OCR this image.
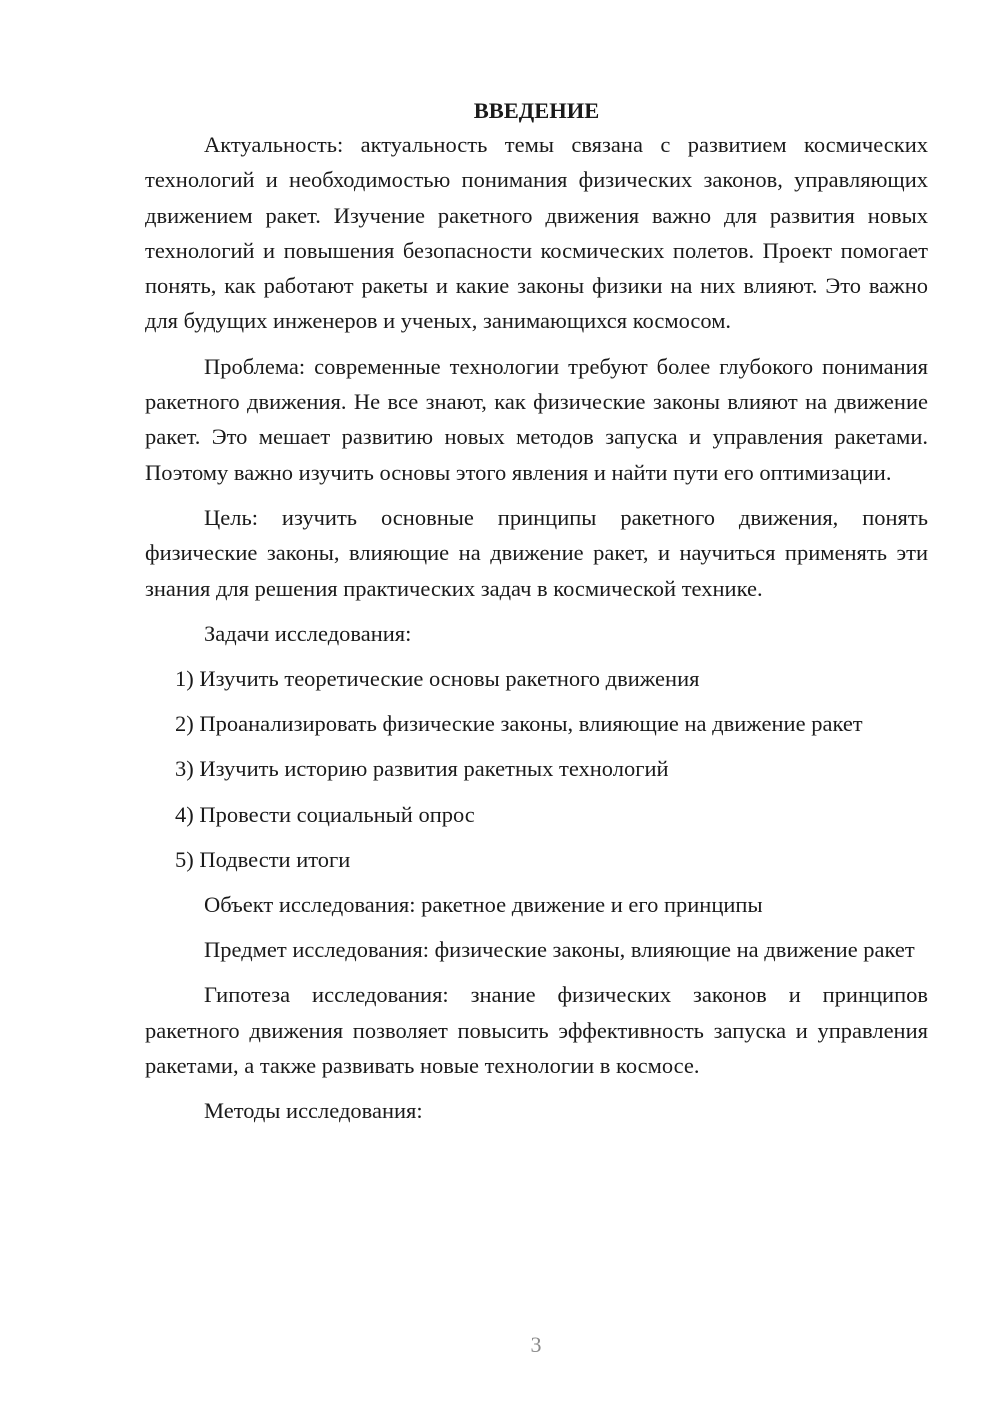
ВВЕДЕНИЕ

Актуальность: актуальность темы связана с развитием космических технологий и необходимостью понимания физических законов, управляющих движением ракет. Изучение ракетного движения важно для развития новых технологий и повышения безопасности космических полетов. Проект помогает понять, как работают ракеты и какие законы физики на них влияют. Это важно для будущих инженеров и ученых, занимающихся космосом.

Проблема: современные технологии требуют более глубокого понимания ракетного движения. Не все знают, как физические законы влияют на движение ракет. Это мешает развитию новых методов запуска и управления ракетами. Поэтому важно изучить основы этого явления и найти пути его оптимизации.

Цель: изучить основные принципы ракетного движения, понять физические законы, влияющие на движение ракет, и научиться применять эти знания для решения практических задач в космической технике.

Задачи исследования:

1) Изучить теоретические основы ракетного движения

2) Проанализировать физические законы, влияющие на движение ракет

3) Изучить историю развития ракетных технологий

4) Провести социальный опрос

5) Подвести итоги

Объект исследования: ракетное движение и его принципы

Предмет исследования: физические законы, влияющие на движение ракет

Гипотеза исследования: знание физических законов и принципов ракетного движения позволяет повысить эффективность запуска и управления ракетами, а также развивать новые технологии в космосе.

Методы исследования:

3
